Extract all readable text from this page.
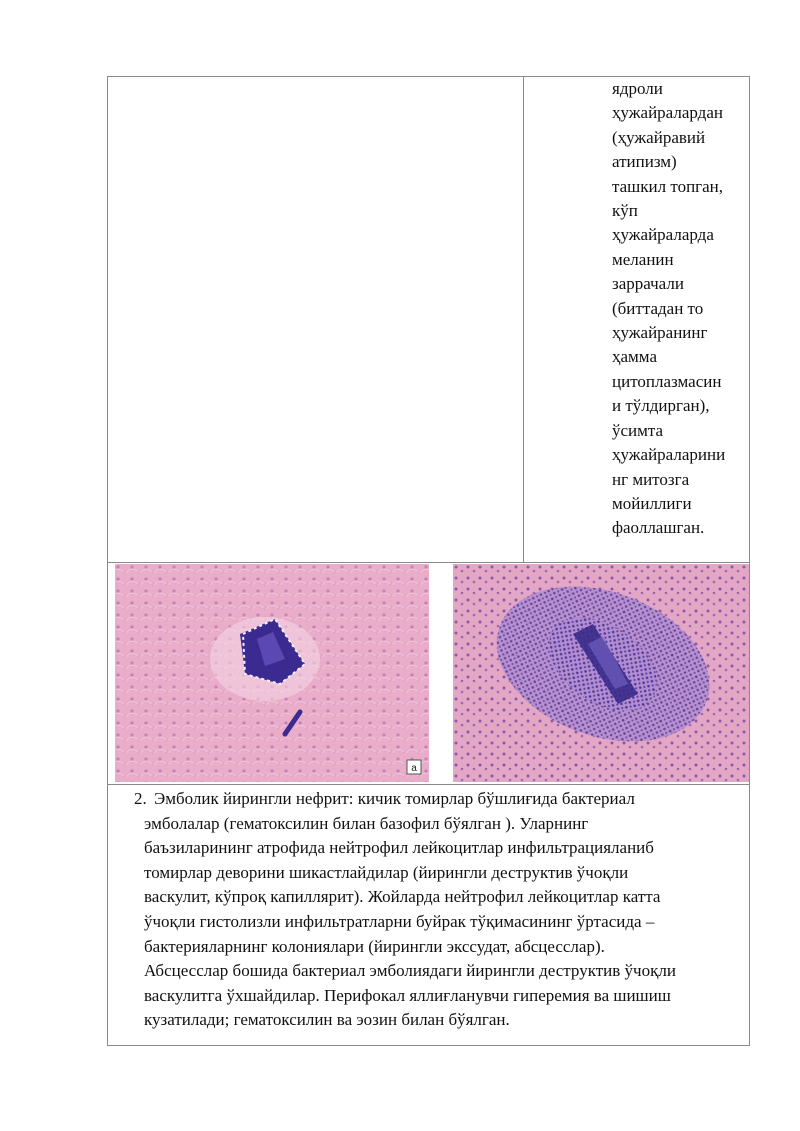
ядроли
ҳужайралардан
(ҳужайравий
атипизм)
ташкил топган,
кўп
ҳужайраларда
меланин
заррачали
(биттадан то
ҳужайранинг
ҳамма
цитоплазмасин
и тўлдирган),
ўсимта
ҳужайраларини
нг митозга
мойиллиги
фаоллашган.
a
2. Эмболик йирингли нефрит: кичик томирлар бўшлиғида бактериал
эмболалар (гематоксилин билан базофил бўялган ). Уларнинг
баъзиларининг атрофида нейтрофил лейкоцитлар инфильтрацияланиб
томирлар деворини шикастлайдилар (йирингли деструктив ўчоқли
васкулит, кўпроқ капиллярит). Жойларда нейтрофил лейкоцитлар катта
ўчоқли гистолизли инфильтратларни буйрак тўқимасининг ўртасида –
бактерияларнинг колониялари (йирингли экссудат, абсцесслар).
Абсцесслар бошида бактериал эмболиядаги йирингли деструктив ўчоқли
васкулитга ўхшайдилар. Перифокал яллиғланувчи гиперемия ва шишиш
кузатилади; гематоксилин ва эозин билан бўялган.
